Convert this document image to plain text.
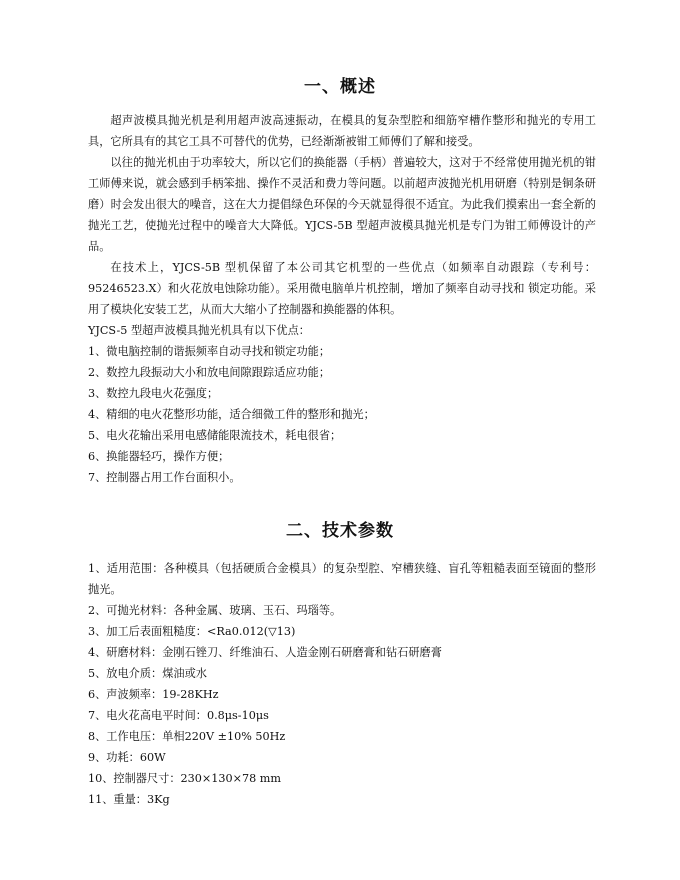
一、概述

超声波模具抛光机是利用超声波高速振动，在模具的复杂型腔和细筋窄槽作整形和抛光的专用工具，它所具有的其它工具不可替代的优势，已经渐渐被钳工师傅们了解和接受。

以往的抛光机由于功率较大，所以它们的换能器（手柄）普遍较大，这对于不经常使用抛光机的钳工师傅来说，就会感到手柄笨拙、操作不灵活和费力等问题。以前超声波抛光机用研磨（特别是铜条研磨）时会发出很大的噪音，这在大力提倡绿色环保的今天就显得很不适宜。为此我们摸索出一套全新的抛光工艺，使抛光过程中的噪音大大降低。YJCS-5B 型超声波模具抛光机是专门为钳工师傅设计的产品。

在技术上，YJCS-5B 型机保留了本公司其它机型的一些优点（如频率自动跟踪（专利号：95246523.X）和火花放电蚀除功能）。采用微电脑单片机控制，增加了频率自动寻找和 锁定功能。采用了模块化安装工艺，从而大大缩小了控制器和换能器的体积。

YJCS-5 型超声波模具抛光机具有以下优点：

1、微电脑控制的谐振频率自动寻找和锁定功能；

2、数控九段振动大小和放电间隙跟踪适应功能；

3、数控九段电火花强度；

4、精细的电火花整形功能，适合细微工件的整形和抛光；

5、电火花输出采用电感储能限流技术，耗电很省；

6、换能器轻巧，操作方便；

7、控制器占用工作台面积小。

二、技术参数

1、适用范围：各种模具（包括硬质合金模具）的复杂型腔、窄槽狭缝、盲孔等粗糙表面至镜面的整形抛光。

2、可抛光材料：各种金属、玻璃、玉石、玛瑙等。

3、加工后表面粗糙度：<Ra0.012(▽13)

4、研磨材料：金刚石锉刀、纤维油石、人造金刚石研磨膏和钻石研磨膏

5、放电介质：煤油或水

6、声波频率：19-28KHz

7、电火花高电平时间：0.8μs-10μs

8、工作电压：单相220V ±10% 50Hz

9、功耗：60W

10、控制器尺寸：230×130×78 mm

11、重量：3Kg
